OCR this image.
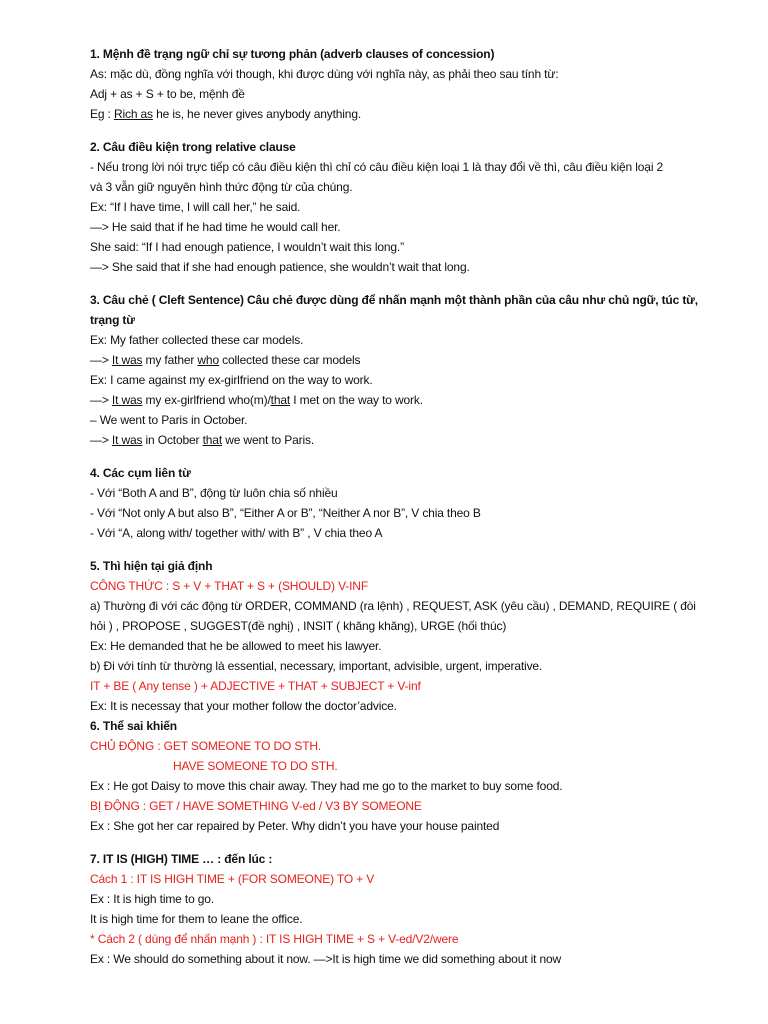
1. Mệnh đề trạng ngữ chỉ sự tương phản (adverb clauses of concession)
As: mặc dù, đồng nghĩa với though, khi được dùng với nghĩa này, as phải theo sau tính từ:
Adj + as + S + to be, mệnh đề
Eg : Rich as he is, he never gives anybody anything.
2. Câu điều kiện trong relative clause
- Nếu trong lời nói trực tiếp có câu điều kiện thì chỉ có câu điều kiện loại 1 là thay đổi về thì, câu điều kiện loại 2
và 3 vẫn giữ nguyên hình thức động từ của chúng.
Ex: “If I have time, I will call her,” he said.
—> He said that if he had time he would call her.
She said: “If I had enough patience, I wouldn’t wait this long.”
—> She said that if she had enough patience, she wouldn’t wait that long.
3. Câu chẻ ( Cleft Sentence) Câu chẻ được dùng để nhấn mạnh một thành phần của câu như chủ ngữ, túc từ,
trạng từ
Ex: My father collected these car models.
—> It was my father who collected these car models
Ex: I came against my ex-girlfriend on the way to work.
—> It was my ex-girlfriend who(m)/that I met on the way to work.
– We went to Paris in October.
—> It was in October that we went to Paris.
4. Các cụm liên từ
- Với “Both A and B”, động từ luôn chia số nhiều
- Với “Not only A but also B”, “Either A or B”, “Neither A nor B”, V chia theo B
- Với “A, along with/ together with/ with B” , V chia theo A
5. Thì hiện tại giả định
CÔNG THỨC : S + V + THAT + S + (SHOULD) V-INF
a) Thường đi với các động từ ORDER, COMMAND (ra lệnh) , REQUEST, ASK (yêu cầu) , DEMAND, REQUIRE ( đòi
hỏi ) , PROPOSE , SUGGEST(đề nghị) , INSIT ( khăng khăng), URGE (hối thúc)
Ex: He demanded that he be allowed to meet his lawyer.
b) Đi với tính từ thường là essential, necessary, important, advisible, urgent, imperative.
IT + BE ( Any tense ) + ADJECTIVE + THAT + SUBJECT + V-inf
Ex: It is necessay that your mother follow the doctor’advice.
6. Thể sai khiến
CHỦ ĐỘNG : GET SOMEONE TO DO STH.
HAVE SOMEONE TO DO STH.
Ex : He got Daisy to move this chair away. They had me go to the market to buy some food.
BỊ ĐỘNG : GET / HAVE SOMETHING V-ed / V3 BY SOMEONE
Ex : She got her car repaired by Peter. Why didn’t you have your house painted
7. IT IS (HIGH) TIME … : đến lúc :
Cách 1 : IT IS HIGH TIME + (FOR SOMEONE) TO + V
Ex : It is high time to go.
It is high time for them to leane the office.
* Cách 2 ( dùng để nhấn mạnh ) : IT IS HIGH TIME + S + V-ed/V2/were
Ex : We should do something about it now. —>It is high time we did something about it now
